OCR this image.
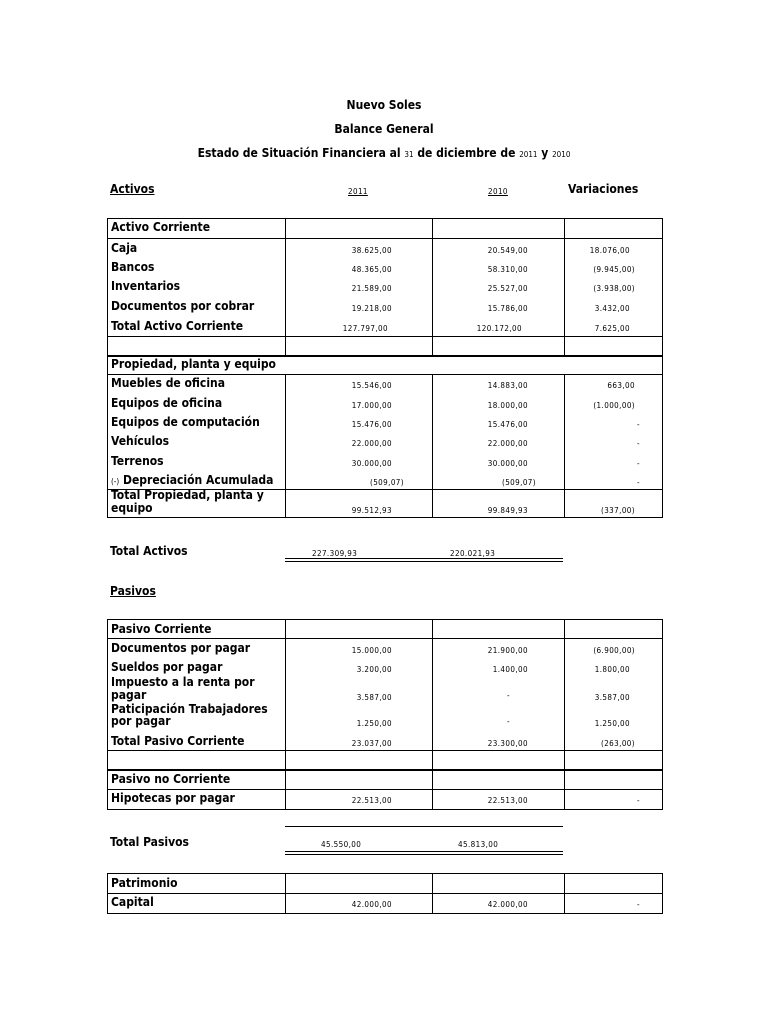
Nuevo Soles
Balance General
Estado de Situación Financiera al 31 de diciembre de 2011 y 2010
Activos	2011	2010	Variaciones

Activo Corriente
Caja	38.625,00	20.549,00	18.076,00
Bancos	48.365,00	58.310,00	(9.945,00)
Inventarios	21.589,00	25.527,00	(3.938,00)
Documentos por cobrar	19.218,00	15.786,00	3.432,00
Total Activo Corriente	127.797,00	120.172,00	7.625,00

Propiedad, planta y equipo
Muebles de oficina	15.546,00	14.883,00	663,00
Equipos de oficina	17.000,00	18.000,00	(1.000,00)
Equipos de computación	15.476,00	15.476,00	-
Vehículos	22.000,00	22.000,00	-
Terrenos	30.000,00	30.000,00	-
(-) Depreciación Acumulada	(509,07)	(509,07)	-
Total Propiedad, planta y
equipo	99.512,93	99.849,93	(337,00)
Total Activos	227.309,93	220.021,93
Pasivos

Pasivo Corriente
Documentos por pagar	15.000,00	21.900,00	(6.900,00)
Sueldos por pagar	3.200,00	1.400,00	1.800,00
Impuesto a la renta por
pagar	3.587,00	-	3.587,00
Paticipación Trabajadores
por pagar	1.250,00	-	1.250,00
Total Pasivo Corriente	23.037,00	23.300,00	(263,00)

Pasivo no Corriente
Hipotecas por pagar	22.513,00	22.513,00	-
Total Pasivos	45.550,00	45.813,00

Patrimonio
Capital	42.000,00	42.000,00	-
